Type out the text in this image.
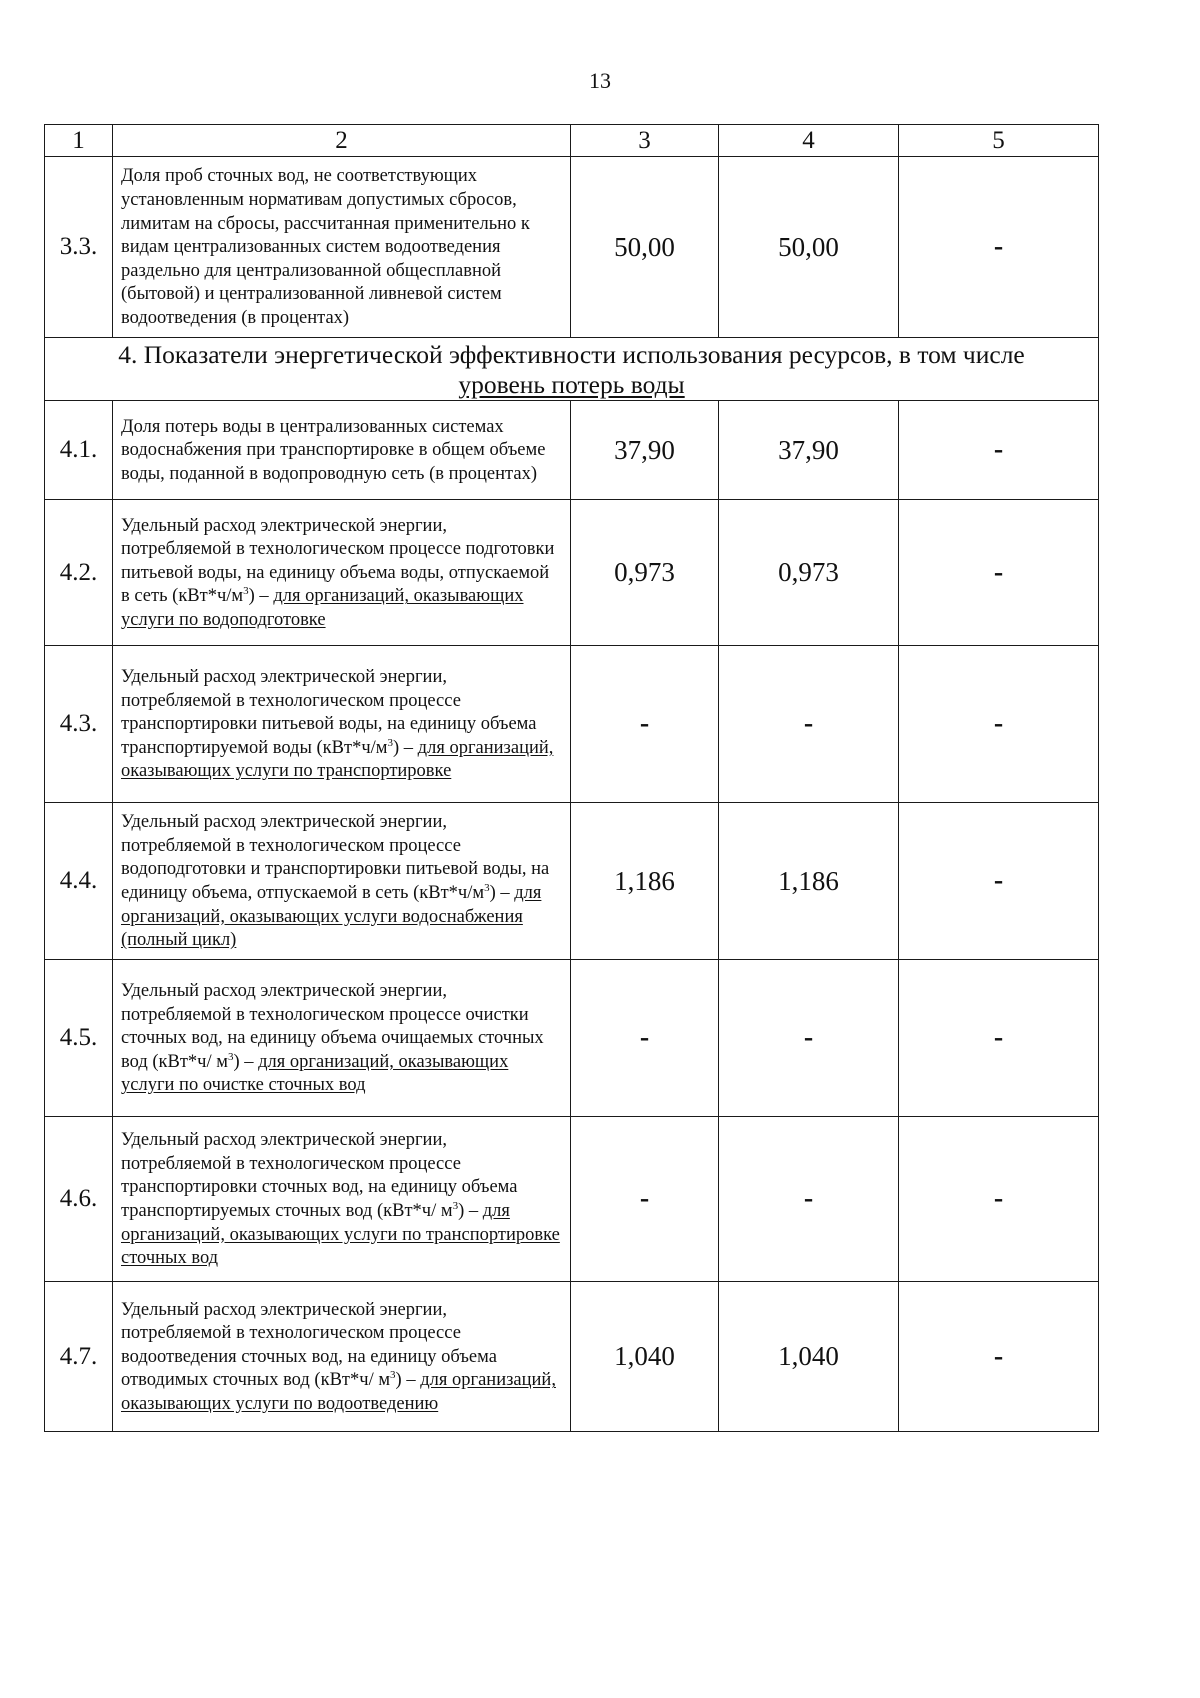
13
1	2	3	4	5
3.3.	Доля проб сточных вод, не соответствующих установленным нормативам допустимых сбросов, лимитам на сбросы, рассчитанная применительно к видам централизованных систем водоотведения раздельно для централизованной общесплавной (бытовой) и централизованной ливневой систем водоотведения (в процентах)	50,00	50,00	-

4. Показатели энергетической эффективности использования ресурсов, в том числе
уровень потерь воды				

4.1.	Доля потерь воды в централизованных системах водоснабжения при транспортировке в общем объеме воды, поданной в водопроводную сеть (в процентах)	37,90	37,90	-
4.2.	Удельный расход электрической энергии, потребляемой в технологическом процессе подготовки питьевой воды, на единицу объема воды, отпускаемой в сеть $(кВт*ч/м^3)$ – для организаций, оказывающих услуги по водоподготовке	0,973	0,973	-
4.3.	Удельный расход электрической энергии, потребляемой в технологическом процессе транспортировки питьевой воды, на единицу объема транспортируемой воды $(кВт*ч/м^3)$ – для организаций, оказывающих услуги по транспортировке	-	-	-
4.4.	Удельный расход электрической энергии, потребляемой в технологическом процессе водоподготовки и транспортировки питьевой воды, на единицу объема, отпускаемой в сеть $(кВт*ч/м^3)$ – для организаций, оказывающих услуги водоснабжения (полный цикл)	1,186	1,186	-
4.5.	Удельный расход электрической энергии, потребляемой в технологическом процессе очистки сточных вод, на единицу объема очищаемых сточных вод (кВт*ч/ $м^3$) – для организаций, оказывающих услуги по очистке сточных вод	-	-	-
4.6.	Удельный расход электрической энергии, потребляемой в технологическом процессе транспортировки сточных вод, на единицу объема транспортируемых сточных вод (кВт*ч/ $м^3$) – для организаций, оказывающих услуги по транспортировке сточных вод	-	-	-
4.7.	Удельный расход электрической энергии, потребляемой в технологическом процессе водоотведения сточных вод, на единицу объема отводимых сточных вод (кВт*ч/ $м^3$) – для организаций, оказывающих услуги по водоотведению	1,040	1,040	-
